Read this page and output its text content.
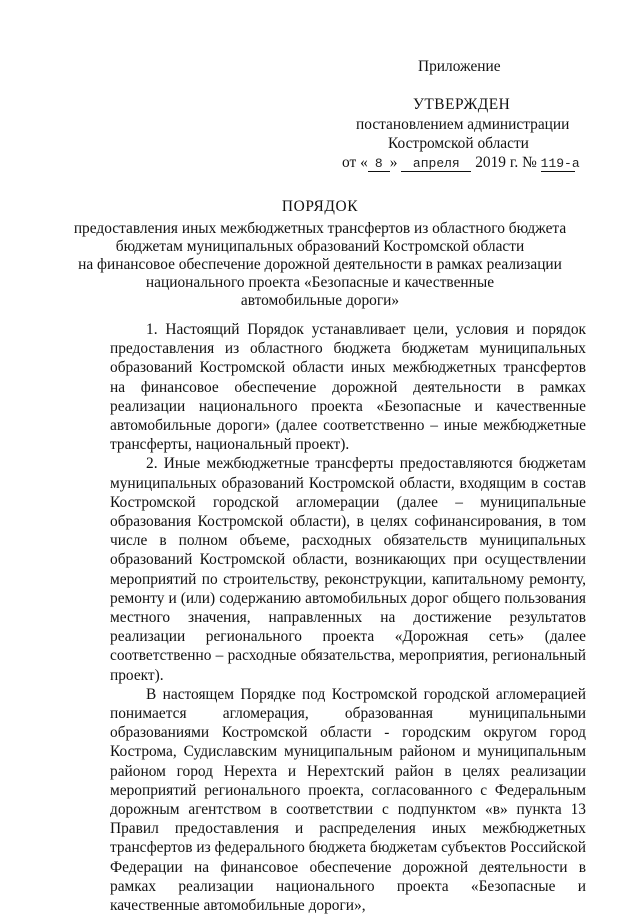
Приложение
УТВЕРЖДЕН
постановлением администрации
Костромской области
от « 8 » апреля 2019 г. № 119-а
ПОРЯДОК
предоставления иных межбюджетных трансфертов из областного бюджета
бюджетам муниципальных образований Костромской области
на финансовое обеспечение дорожной деятельности в рамках реализации
национального проекта «Безопасные и качественные
автомобильные дороги»

1. Настоящий Порядок устанавливает цели, условия и порядок предоставления из областного бюджета бюджетам муниципальных образований Костромской области иных межбюджетных трансфертов на финансовое обеспечение дорожной деятельности в рамках реализации национального проекта «Безопасные и качественные автомобильные дороги» (далее соответственно – иные межбюджетные трансферты, национальный проект).

2. Иные межбюджетные трансферты предоставляются бюджетам муниципальных образований Костромской области, входящим в состав Костромской городской агломерации (далее – муниципальные образования Костромской области), в целях софинансирования, в том числе в полном объеме, расходных обязательств муниципальных образований Костромской области, возникающих при осуществлении мероприятий по строительству, реконструкции, капитальному ремонту, ремонту и (или) содержанию автомобильных дорог общего пользования местного значения, направленных на достижение результатов реализации регионального проекта «Дорожная сеть» (далее соответственно – расходные обязательства, мероприятия, региональный проект).

В настоящем Порядке под Костромской городской агломерацией понимается агломерация, образованная муниципальными образованиями Костромской области - городским округом город Кострома, Судиславским муниципальным районом и муниципальным районом город Нерехта и Нерехтский район в целях реализации мероприятий регионального проекта, согласованного с Федеральным дорожным агентством в соответствии с подпунктом «в» пункта 13 Правил предоставления и распределения иных межбюджетных трансфертов из федерального бюджета бюджетам субъектов Российской Федерации на финансовое обеспечение дорожной деятельности в рамках реализации национального проекта «Безопасные и качественные автомобильные дороги»,
